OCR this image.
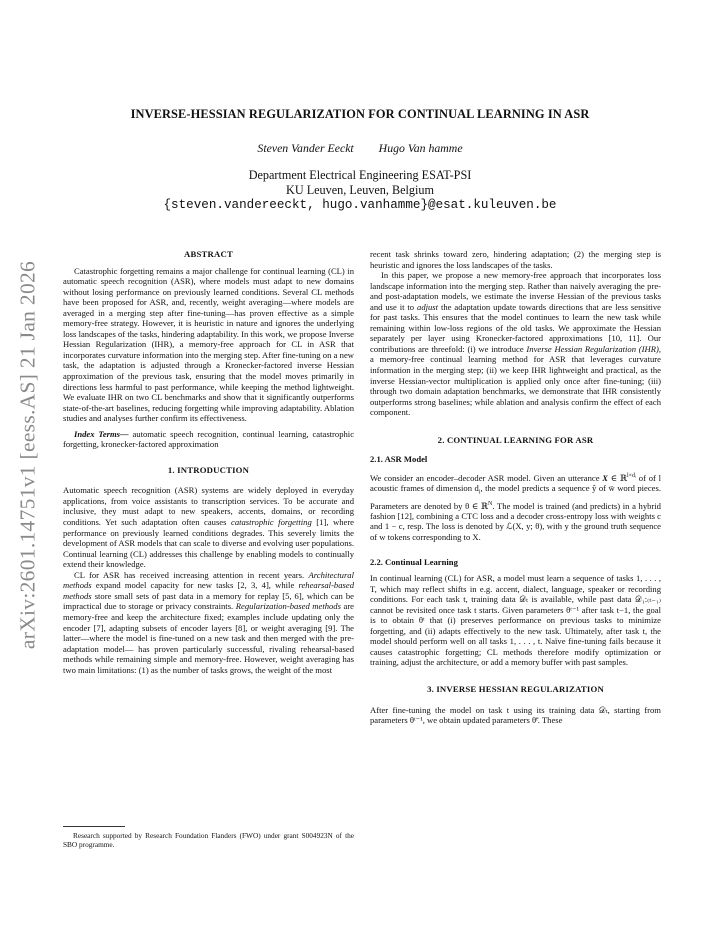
arXiv:2601.14751v1 [eess.AS] 21 Jan 2026
INVERSE-HESSIAN REGULARIZATION FOR CONTINUAL LEARNING IN ASR
Steven Vander Eeckt Hugo Van hamme
Department Electrical Engineering ESAT-PSI
KU Leuven, Leuven, Belgium
{steven.vandereeckt, hugo.vanhamme}@esat.kuleuven.be
ABSTRACT

Catastrophic forgetting remains a major challenge for continual learning (CL) in automatic speech recognition (ASR), where models must adapt to new domains without losing performance on previously learned conditions. Several CL methods have been proposed for ASR, and, recently, weight averaging—where models are averaged in a merging step after fine-tuning—has proven effective as a simple memory-free strategy. However, it is heuristic in nature and ignores the underlying loss landscapes of the tasks, hindering adaptability. In this work, we propose Inverse Hessian Regularization (IHR), a memory-free approach for CL in ASR that incorporates curvature information into the merging step. After fine-tuning on a new task, the adaptation is adjusted through a Kronecker-factored inverse Hessian approximation of the previous task, ensuring that the model moves primarily in directions less harmful to past performance, while keeping the method lightweight. We evaluate IHR on two CL benchmarks and show that it significantly outperforms state-of-the-art baselines, reducing forgetting while improving adaptability. Ablation studies and analyses further confirm its effectiveness.

Index Terms— automatic speech recognition, continual learning, catastrophic forgetting, kronecker-factored approximation

1. INTRODUCTION

Automatic speech recognition (ASR) systems are widely deployed in everyday applications, from voice assistants to transcription services. To be accurate and inclusive, they must adapt to new speakers, accents, domains, or recording conditions. Yet such adaptation often causes catastrophic forgetting [1], where performance on previously learned conditions degrades. This severely limits the development of ASR models that can scale to diverse and evolving user populations. Continual learning (CL) addresses this challenge by enabling models to continually extend their knowledge.

CL for ASR has received increasing attention in recent years. Architectural methods expand model capacity for new tasks [2, 3, 4], while rehearsal-based methods store small sets of past data in a memory for replay [5, 6], which can be impractical due to storage or privacy constraints. Regularization-based methods are memory-free and keep the architecture fixed; examples include updating only the encoder [7], adapting subsets of encoder layers [8], or weight averaging [9]. The latter—where the model is fine-tuned on a new task and then merged with the pre-adaptation model— has proven particularly successful, rivaling rehearsal-based methods while remaining simple and memory-free. However, weight averaging has two main limitations: (1) as the number of tasks grows, the weight of the most

Research supported by Research Foundation Flanders (FWO) under grant S004923N of the SBO programme.

recent task shrinks toward zero, hindering adaptation; (2) the merging step is heuristic and ignores the loss landscapes of the tasks.

In this paper, we propose a new memory-free approach that incorporates loss landscape information into the merging step. Rather than naively averaging the pre- and post-adaptation models, we estimate the inverse Hessian of the previous tasks and use it to adjust the adaptation update towards directions that are less sensitive for past tasks. This ensures that the model continues to learn the new task while remaining within low-loss regions of the old tasks. We approximate the Hessian separately per layer using Kronecker-factored approximations [10, 11]. Our contributions are threefold: (i) we introduce Inverse Hessian Regularization (IHR), a memory-free continual learning method for ASR that leverages curvature information in the merging step; (ii) we keep IHR lightweight and practical, as the inverse Hessian-vector multiplication is applied only once after fine-tuning; (iii) through two domain adaptation benchmarks, we demonstrate that IHR consistently outperforms strong baselines; while ablation and analysis confirm the effect of each component.

2. CONTINUAL LEARNING FOR ASR
2.1. ASR Model

We consider an encoder–decoder ASR model. Given an utterance X ∈ ℝ$^{l\times dᵢ}$ of of l acoustic frames of dimension $d_i$, the model predicts a sequence ŷ of w̄ word pieces. Parameters are denoted by θ ∈ ℝ$^N$. The model is trained (and predicts) in a hybrid fashion [12], combining a CTC loss and a decoder cross-entropy loss with weights c and 1 − c, resp. The loss is denoted by ℒ(X, y; θ), with y the ground truth sequence of w tokens corresponding to X.

2.2. Continual Learning

In continual learning (CL) for ASR, a model must learn a sequence of tasks 1, . . . , T, which may reflect shifts in e.g. accent, dialect, language, speaker or recording conditions. For each task t, training data 𝒟ₜ is available, while past data 𝒟₁:₍ₜ₋₁₎ cannot be revisited once task t starts. Given parameters θᵗ⁻¹ after task t−1, the goal is to obtain θᵗ that (i) preserves performance on previous tasks to minimize forgetting, and (ii) adapts effectively to the new task. Ultimately, after task t, the model should perform well on all tasks 1, . . . , t. Naïve fine-tuning fails because it causes catastrophic forgetting; CL methods therefore modify optimization or training, adjust the architecture, or add a memory buffer with past samples.

3. INVERSE HESSIAN REGULARIZATION

After fine-tuning the model on task t using its training data 𝒟ₜ, starting from parameters θᵗ⁻¹, we obtain updated parameters θ̃ᵗ. These
